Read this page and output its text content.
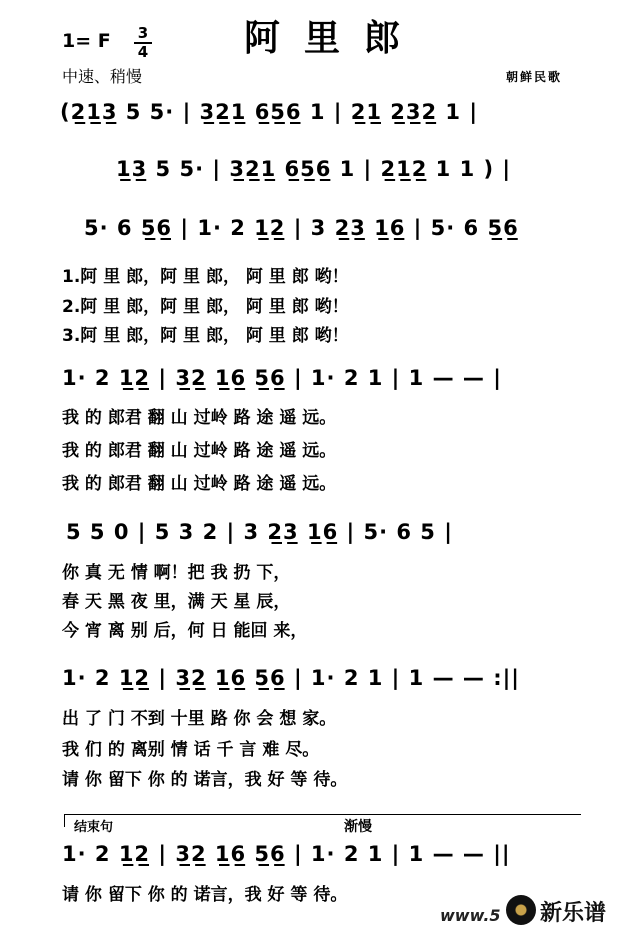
1= F	3
4	阿里郎
中速、稍慢	朝鲜民歌
(2̲1̲3̲ 5 5· | 3̲2̲1̲ 6̲5̲6̲ 1 | 2̲1̲ 2̲3̲2̲ 1 |
1̲3̲ 5 5· | 3̲2̲1̲ 6̲5̲6̲ 1 | 2̲1̲2̲ 1 1 ) |
5· 6 5̲6̲ | 1· 2 1̲2̲ | 3 2̲3̲ 1̲6̲ | 5· 6 5̲6̲
1.阿 里 郎，阿 里 郎， 阿 里 郎 哟！
2.阿 里 郎，阿 里 郎， 阿 里 郎 哟！
3.阿 里 郎，阿 里 郎， 阿 里 郎 哟！
1· 2 1̲2̲ | 3̲2̲ 1̲6̲ 5̲6̲ | 1· 2 1 | 1 — — |
我 的 郎君 翻 山 过岭 路 途 遥 远。
我 的 郎君 翻 山 过岭 路 途 遥 远。
我 的 郎君 翻 山 过岭 路 途 遥 远。
5 5 0 | 5 3 2 | 3 2̲3̲ 1̲6̲ | 5· 6 5 |
你 真 无 情 啊！把 我 扔 下，
春 天 黑 夜 里，满 天 星 辰，
今 宵 离 别 后，何 日 能回 来，
1· 2 1̲2̲ | 3̲2̲ 1̲6̲ 5̲6̲ | 1· 2 1 | 1 — — :||
出 了 门 不到 十里 路 你 会 想 家。
我 们 的 离别 情 话 千 言 难 尽。
请 你 留下 你 的 诺言，我 好 等 待。
结束句	渐慢
1· 2 1̲2̲ | 3̲2̲ 1̲6̲ 5̲6̲ | 1· 2 1 | 1 — — ||
请 你 留下 你 的 诺言，我 好 等 待。
www.5 新乐谱
